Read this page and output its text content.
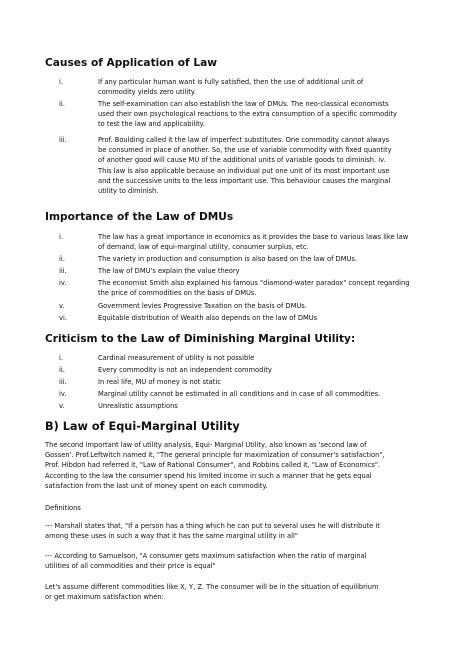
Causes of Application of Law
i.	If any particular human want is fully satisfied, then the use of additional unit of
commodity yields zero utility.
ii.	The self-examination can also establish the law of DMUs. The neo-classical economists
used their own psychological reactions to the extra consumption of a specific commodity
to test the law and applicability.
iii.	Prof. Boulding called it the law of imperfect substitutes. One commodity cannot always
be consumed in place of another. So, the use of variable commodity with fixed quantity
of another good will cause MU of the additional units of variable goods to diminish. iv.
This law is also applicable because an individual put one unit of its most important use
and the successive units to the less important use. This behaviour causes the marginal
utility to diminish.
Importance of the Law of DMUs
i.	The law has a great importance in economics as it provides the base to various laws like law
of demand, law of equi-marginal utility, consumer surplus, etc.
ii.	The variety in production and consumption is also based on the law of DMUs.
iii.	The law of DMU's explain the value theory
iv.	The economist Smith also explained his famous "diamond-water paradox" concept regarding
the price of commodities on the basis of DMUs.
v.	Government levies Progressive Taxation on the basis of DMUs.
vi.	Equitable distribution of Wealth also depends on the law of DMUs
Criticism to the Law of Diminishing Marginal Utility:
i.	Cardinal measurement of utility is not possible
ii.	Every commodity is not an independent commodity
iii.	In real life, MU of money is not static
iv.	Marginal utility cannot be estimated in all conditions and in case of all commodities.
v.	Unrealistic assumptions
B) Law of Equi-Marginal Utility
The second important law of utility analysis, Equi- Marginal Utility, also known as 'second law of
Gossen'. Prof.Leftwitch named it, "The general principle for maximization of consumer's satisfaction",
Prof. Hibdon had referred it, "Law of Rational Consumer", and Robbins called it, "Law of Economics".
According to the law the consumer spend his limited income in such a manner that he gets equal
satisfaction from the last unit of money spent on each commodity.
Definitions
--- Marshall states that, "If a person has a thing which he can put to several uses he will distribute it
among these uses in such a way that it has the same marginal utility in all"
--- According to Samuelson, "A consumer gets maximum satisfaction when the ratio of marginal
utilities of all commodities and their price is equal"
Let's assume different commodities like X, Y, Z. The consumer will be in the situation of equilibrium
or get maximum satisfaction when:
